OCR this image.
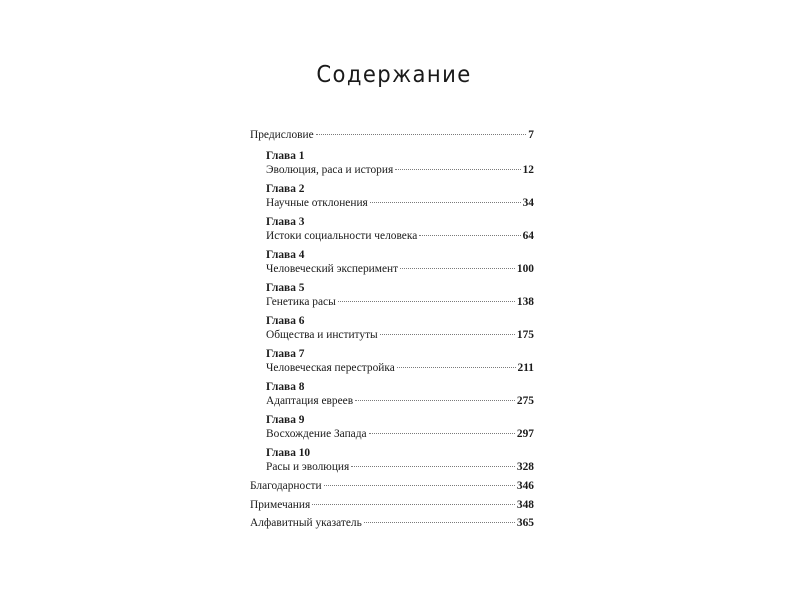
Содержание
Предисловие	7
Глава 1
Эволюция, раса и история	12
Глава 2
Научные отклонения	34
Глава 3
Истоки социальности человека	64
Глава 4
Человеческий эксперимент	100
Глава 5
Генетика расы	138
Глава 6
Общества и институты	175
Глава 7
Человеческая перестройка	211
Глава 8
Адаптация евреев	275
Глава 9
Восхождение Запада	297
Глава 10
Расы и эволюция	328
Благодарности	346
Примечания	348
Алфавитный указатель	365
